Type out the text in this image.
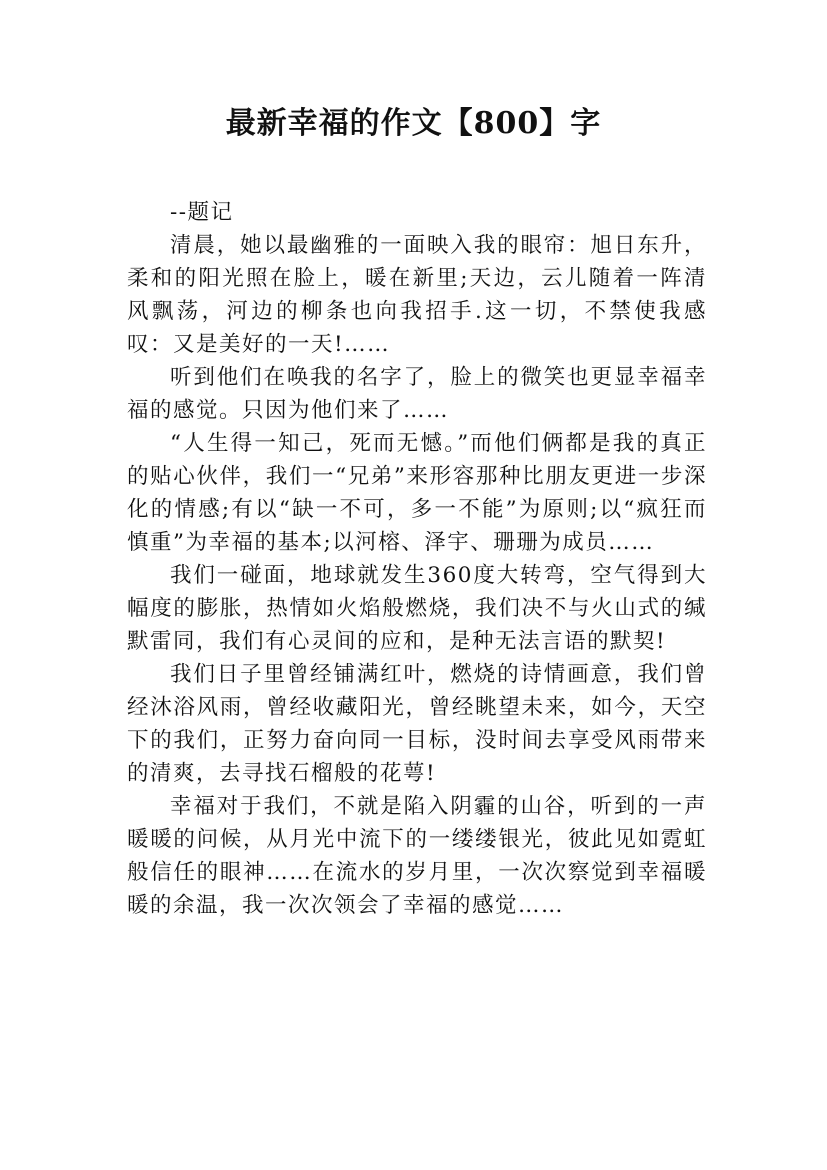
最新幸福的作文【800】字

--题记

清晨，她以最幽雅的一面映入我的眼帘：旭日东升，柔和的阳光照在脸上，暖在新里;天边，云儿随着一阵清风飘荡，河边的柳条也向我招手.这一切，不禁使我感叹：又是美好的一天!……

听到他们在唤我的名字了，脸上的微笑也更显幸福幸福的感觉。只因为他们来了……

“人生得一知己，死而无憾。”而他们俩都是我的真正的贴心伙伴，我们一“兄弟”来形容那种比朋友更进一步深化的情感;有以“缺一不可，多一不能”为原则;以“疯狂而慎重”为幸福的基本;以河榕、泽宇、珊珊为成员……

我们一碰面，地球就发生360度大转弯，空气得到大幅度的膨胀，热情如火焰般燃烧，我们决不与火山式的缄默雷同，我们有心灵间的应和，是种无法言语的默契!

我们日子里曾经铺满红叶，燃烧的诗情画意，我们曾经沐浴风雨，曾经收藏阳光，曾经眺望未来，如今，天空下的我们，正努力奋向同一目标，没时间去享受风雨带来的清爽，去寻找石榴般的花萼!

幸福对于我们，不就是陷入阴霾的山谷，听到的一声暖暖的问候，从月光中流下的一缕缕银光，彼此见如霓虹般信任的眼神……在流水的岁月里，一次次察觉到幸福暖暖的余温，我一次次领会了幸福的感觉……
